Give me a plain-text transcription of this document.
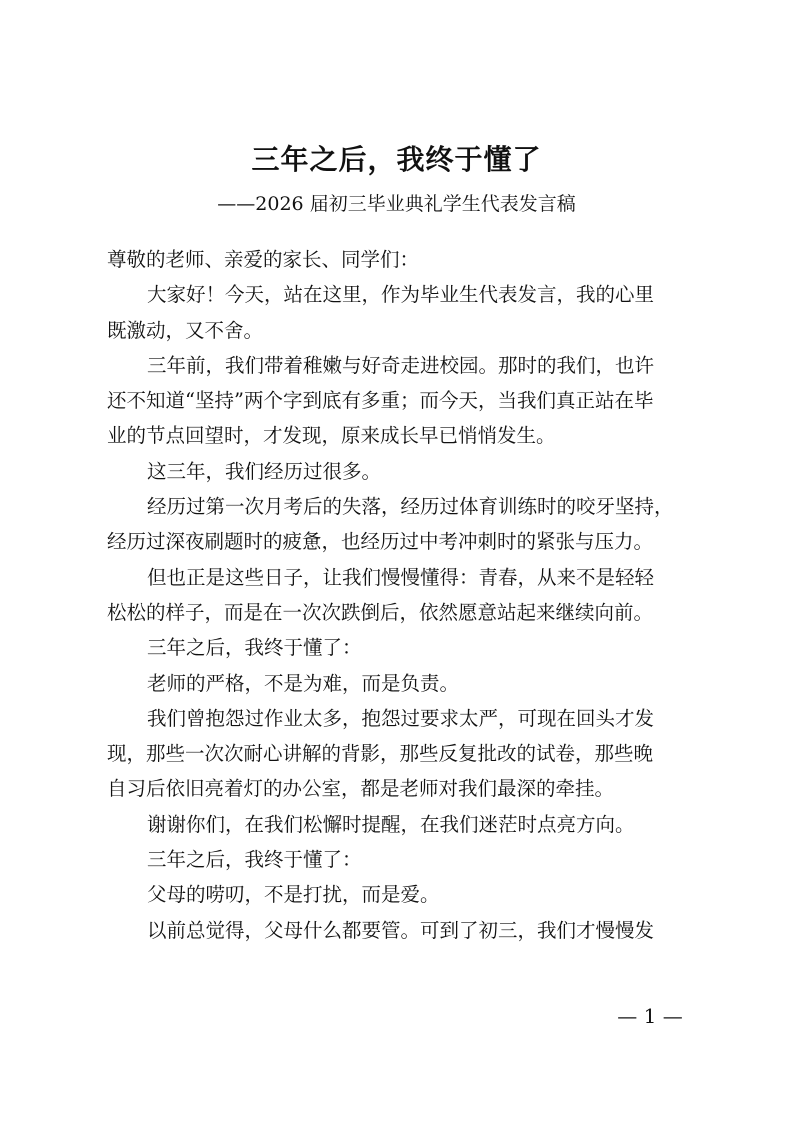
三年之后，我终于懂了
——2026 届初三毕业典礼学生代表发言稿
尊敬的老师、亲爱的家长、同学们：
大家好！今天，站在这里，作为毕业生代表发言，我的心里
既激动，又不舍。
三年前，我们带着稚嫩与好奇走进校园。那时的我们，也许
还不知道“坚持”两个字到底有多重；而今天，当我们真正站在毕
业的节点回望时，才发现，原来成长早已悄悄发生。
这三年，我们经历过很多。
经历过第一次月考后的失落，经历过体育训练时的咬牙坚持，
经历过深夜刷题时的疲惫，也经历过中考冲刺时的紧张与压力。
但也正是这些日子，让我们慢慢懂得：青春，从来不是轻轻
松松的样子，而是在一次次跌倒后，依然愿意站起来继续向前。
三年之后，我终于懂了：
老师的严格，不是为难，而是负责。
我们曾抱怨过作业太多，抱怨过要求太严，可现在回头才发
现，那些一次次耐心讲解的背影，那些反复批改的试卷，那些晚
自习后依旧亮着灯的办公室，都是老师对我们最深的牵挂。
谢谢你们，在我们松懈时提醒，在我们迷茫时点亮方向。
三年之后，我终于懂了：
父母的唠叨，不是打扰，而是爱。
以前总觉得，父母什么都要管。可到了初三，我们才慢慢发
— 1 —
